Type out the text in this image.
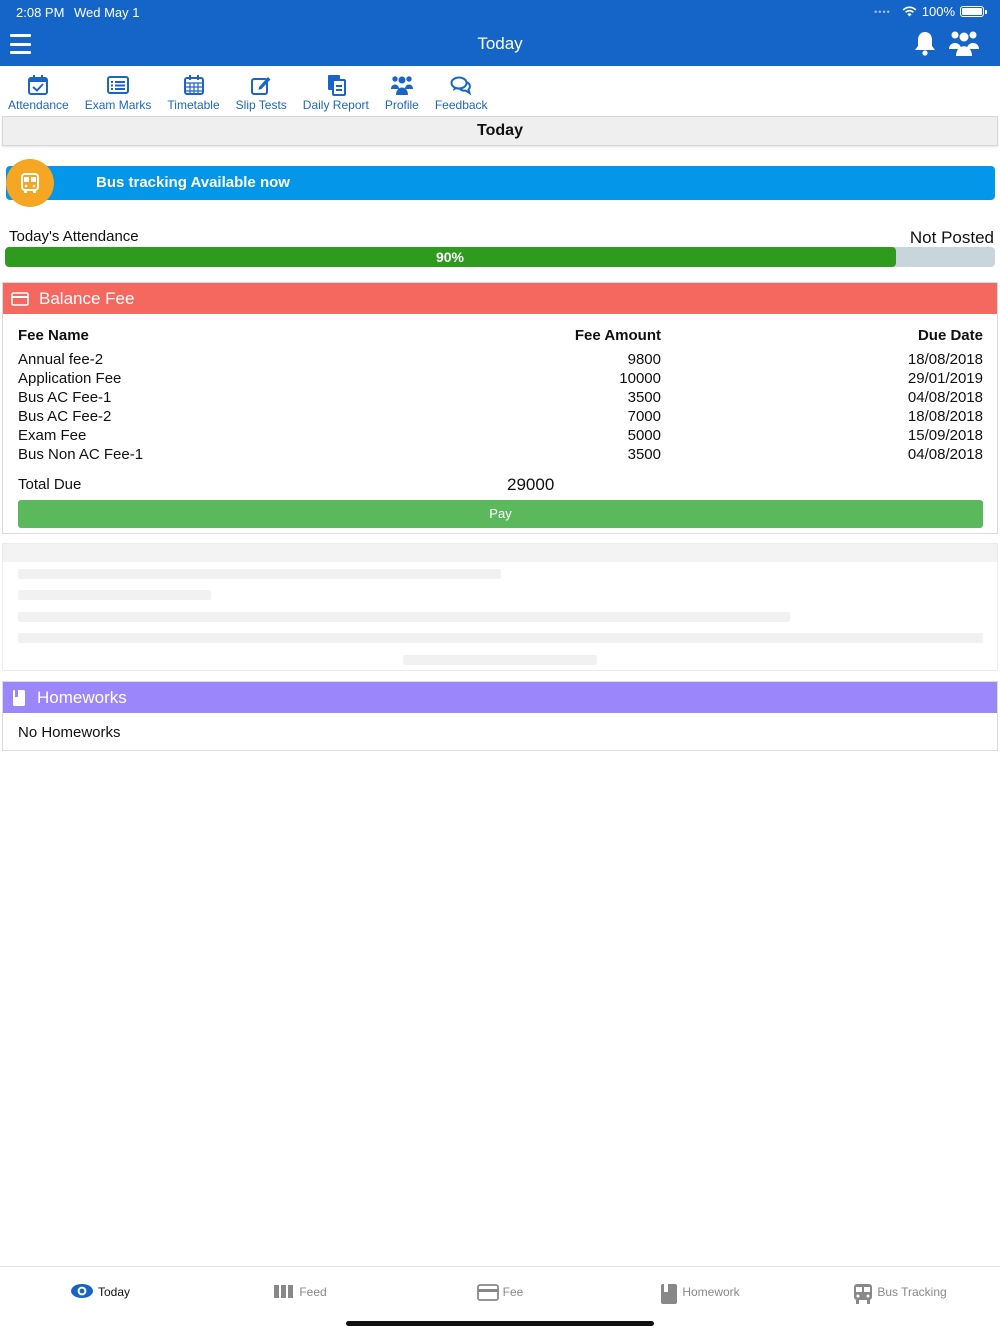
2:08 PM Wed May 1	•••• 100%
Today
Attendance Exam Marks Timetable Slip Tests Daily Report Profile Feedback
Today
Bus tracking Available now
Today's Attendance	Not Posted
90%
Balance Fee
Fee Name	Fee Amount	Due Date
Annual fee-2	9800	18/08/2018
Application Fee	10000	29/01/2019
Bus AC Fee-1	3500	04/08/2018
Bus AC Fee-2	7000	18/08/2018
Exam Fee	5000	15/09/2018
Bus Non AC Fee-1	3500	04/08/2018
Total Due	29000
Pay
Homeworks
No Homeworks
Today	Feed	Fee	Homework	Bus Tracking
